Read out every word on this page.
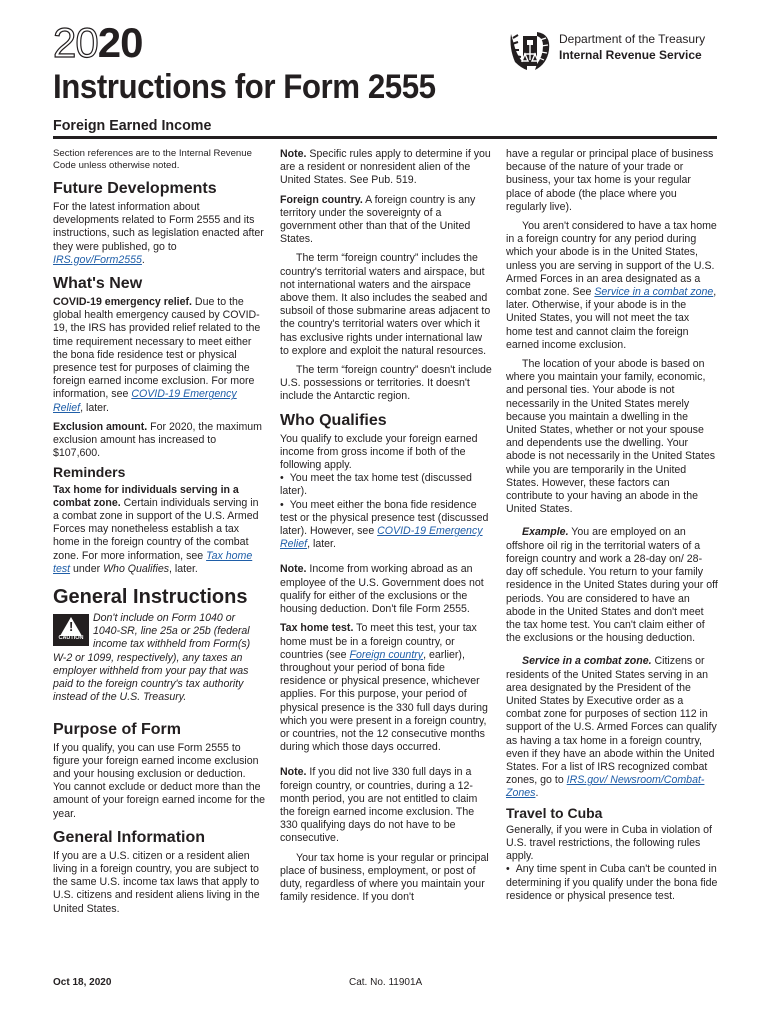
2020
Instructions for Form 2555
Foreign Earned Income
Department of the Treasury
Internal Revenue Service

Section references are to the Internal Revenue Code unless otherwise noted.

Future Developments

For the latest information about developments related to Form 2555 and its instructions, such as legislation enacted after they were published, go to IRS.gov/Form2555.

What's New

COVID-19 emergency relief. Due to the global health emergency caused by COVID-19, the IRS has provided relief related to the time requirement necessary to meet either the bona fide residence test or physical presence test for purposes of claiming the foreign earned income exclusion. For more information, see COVID-19 Emergency Relief, later.

Exclusion amount. For 2020, the maximum exclusion amount has increased to $107,600.

Reminders

Tax home for individuals serving in a combat zone. Certain individuals serving in a combat zone in support of the U.S. Armed Forces may nonetheless establish a tax home in the foreign country of the combat zone. For more information, see Tax home test under Who Qualifies, later.

General Instructions

!
CAUTION
Don't include on Form 1040 or 1040-SR, line 25a or 25b (federal income tax withheld from Form(s) W-2 or 1099, respectively), any taxes an employer withheld from your pay that was paid to the foreign country's tax authority instead of the U.S. Treasury.

Purpose of Form

If you qualify, you can use Form 2555 to figure your foreign earned income exclusion and your housing exclusion or deduction. You cannot exclude or deduct more than the amount of your foreign earned income for the year.

General Information

If you are a U.S. citizen or a resident alien living in a foreign country, you are subject to the same U.S. income tax laws that apply to U.S. citizens and resident aliens living in the United States.

Note. Specific rules apply to determine if you are a resident or nonresident alien of the United States. See Pub. 519.

Foreign country. A foreign country is any territory under the sovereignty of a government other than that of the United States.

The term “foreign country” includes the country's territorial waters and airspace, but not international waters and the airspace above them. It also includes the seabed and subsoil of those submarine areas adjacent to the country's territorial waters over which it has exclusive rights under international law to explore and exploit the natural resources.

The term “foreign country” doesn't include U.S. possessions or territories. It doesn't include the Antarctic region.

Who Qualifies

You qualify to exclude your foreign earned income from gross income if both of the following apply.

• You meet the tax home test (discussed later).

• You meet either the bona fide residence test or the physical presence test (discussed later). However, see COVID-19 Emergency Relief, later.

Note. Income from working abroad as an employee of the U.S. Government does not qualify for either of the exclusions or the housing deduction. Don't file Form 2555.

Tax home test. To meet this test, your tax home must be in a foreign country, or countries (see Foreign country, earlier), throughout your period of bona fide residence or physical presence, whichever applies. For this purpose, your period of physical presence is the 330 full days during which you were present in a foreign country, or countries, not the 12 consecutive months during which those days occurred.

Note. If you did not live 330 full days in a foreign country, or countries, during a 12-month period, you are not entitled to claim the foreign earned income exclusion. The 330 qualifying days do not have to be consecutive.

Your tax home is your regular or principal place of business, employment, or post of duty, regardless of where you maintain your family residence. If you don't

have a regular or principal place of business because of the nature of your trade or business, your tax home is your regular place of abode (the place where you regularly live).

You aren't considered to have a tax home in a foreign country for any period during which your abode is in the United States, unless you are serving in support of the U.S. Armed Forces in an area designated as a combat zone. See Service in a combat zone, later. Otherwise, if your abode is in the United States, you will not meet the tax home test and cannot claim the foreign earned income exclusion.

The location of your abode is based on where you maintain your family, economic, and personal ties. Your abode is not necessarily in the United States merely because you maintain a dwelling in the United States, whether or not your spouse and dependents use the dwelling. Your abode is not necessarily in the United States while you are temporarily in the United States. However, these factors can contribute to your having an abode in the United States.

Example. You are employed on an offshore oil rig in the territorial waters of a foreign country and work a 28-day on/ 28-day off schedule. You return to your family residence in the United States during your off periods. You are considered to have an abode in the United States and don't meet the tax home test. You can't claim either of the exclusions or the housing deduction.

Service in a combat zone. Citizens or residents of the United States serving in an area designated by the President of the United States by Executive order as a combat zone for purposes of section 112 in support of the U.S. Armed Forces can qualify as having a tax home in a foreign country, even if they have an abode within the United States. For a list of IRS recognized combat zones, go to IRS.gov/ Newsroom/Combat-Zones.

Travel to Cuba

Generally, if you were in Cuba in violation of U.S. travel restrictions, the following rules apply.

• Any time spent in Cuba can't be counted in determining if you qualify under the bona fide residence or physical presence test.

Oct 18, 2020	Cat. No. 11901A
